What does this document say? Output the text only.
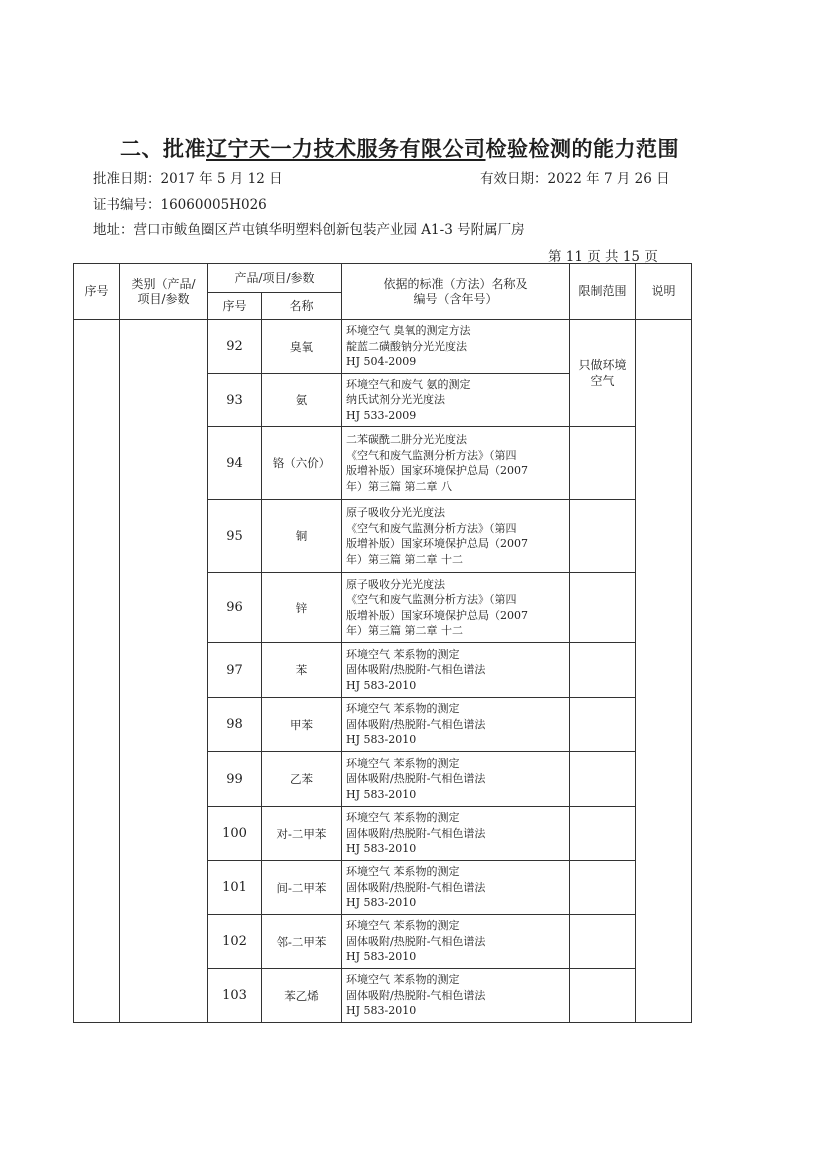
二、批准辽宁天一力技术服务有限公司检验检测的能力范围
批准日期：2017 年 5 月 12 日	有效日期：2022 年 7 月 26 日
证书编号：16060005H026
地址：营口市鲅鱼圈区芦屯镇华明塑料创新包装产业园 A1-3 号附属厂房
第 11 页 共 15 页
序号	类别（产品/项目/参数	产品/项目/参数		依据的标准（方法）名称及编号（含年号）	限制范围	说明
		序号	名称			
		92	臭氧	环境空气 臭氧的测定方法
靛蓝二磺酸钠分光光度法
HJ 504-2009	只做环境空气	

		93	氨	环境空气和废气 氨的测定
纳氏试剂分光光度法
HJ 533-2009		

		94	铬（六价）	二苯碳酰二肼分光光度法
《空气和废气监测分析方法》（第四
版增补版）国家环境保护总局（2007
年）第三篇 第二章 八		

		95	铜	原子吸收分光光度法
《空气和废气监测分析方法》（第四
版增补版）国家环境保护总局（2007
年）第三篇 第二章 十二		

		96	锌	原子吸收分光光度法
《空气和废气监测分析方法》（第四
版增补版）国家环境保护总局（2007
年）第三篇 第二章 十二		

		97	苯	环境空气 苯系物的测定
固体吸附/热脱附-气相色谱法
HJ 583-2010		

		98	甲苯	环境空气 苯系物的测定
固体吸附/热脱附-气相色谱法
HJ 583-2010		

		99	乙苯	环境空气 苯系物的测定
固体吸附/热脱附-气相色谱法
HJ 583-2010		

		100	对-二甲苯	环境空气 苯系物的测定
固体吸附/热脱附-气相色谱法
HJ 583-2010		

		101	间-二甲苯	环境空气 苯系物的测定
固体吸附/热脱附-气相色谱法
HJ 583-2010		

		102	邻-二甲苯	环境空气 苯系物的测定
固体吸附/热脱附-气相色谱法
HJ 583-2010		

		103	苯乙烯	环境空气 苯系物的测定
固体吸附/热脱附-气相色谱法
HJ 583-2010		
